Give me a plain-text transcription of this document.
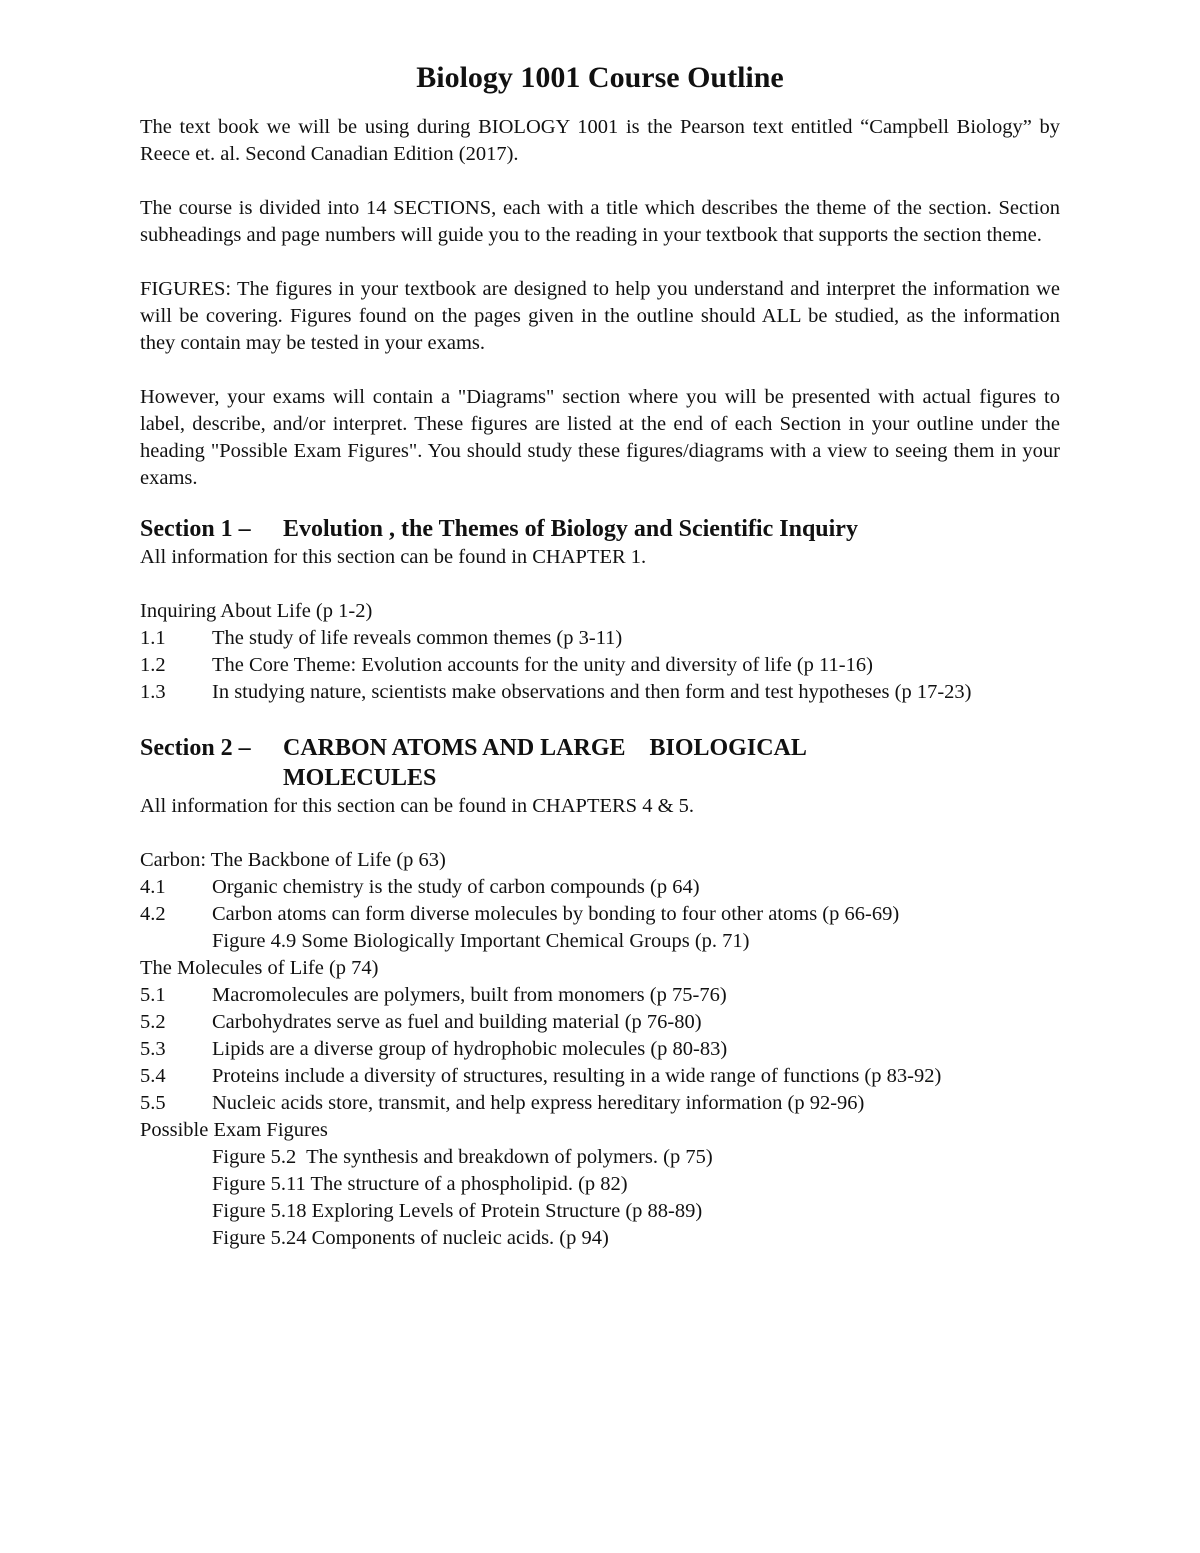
Biology 1001 Course Outline

The text book we will be using during BIOLOGY 1001 is the Pearson text entitled “Campbell Biology” by Reece et. al. Second Canadian Edition (2017).

The course is divided into 14 SECTIONS, each with a title which describes the theme of the section. Section subheadings and page numbers will guide you to the reading in your textbook that supports the section theme.

FIGURES: The figures in your textbook are designed to help you understand and interpret the information we will be covering. Figures found on the pages given in the outline should ALL be studied, as the information they contain may be tested in your exams.

However, your exams will contain a "Diagrams" section where you will be presented with actual figures to label, describe, and/or interpret. These figures are listed at the end of each Section in your outline under the heading "Possible Exam Figures". You should study these figures/diagrams with a view to seeing them in your exams.

Section 1 –	Evolution , the Themes of Biology and Scientific Inquiry

All information for this section can be found in CHAPTER 1.

Inquiring About Life (p 1-2)

1.1	The study of life reveals common themes (p 3-11)
1.2	The Core Theme: Evolution accounts for the unity and diversity of life (p 11-16)
1.3	In studying nature, scientists make observations and then form and test hypotheses (p 17-23)
Section 2 –	CARBON ATOMS AND LARGE    BIOLOGICAL MOLECULES

All information for this section can be found in CHAPTERS 4 & 5.

Carbon: The Backbone of Life (p 63)

4.1	Organic chemistry is the study of carbon compounds (p 64)
4.2	Carbon atoms can form diverse molecules by bonding to four other atoms (p 66-69)

Figure 4.9 Some Biologically Important Chemical Groups (p. 71)

The Molecules of Life (p 74)

5.1	Macromolecules are polymers, built from monomers (p 75-76)
5.2	Carbohydrates serve as fuel and building material (p 76-80)
5.3	Lipids are a diverse group of hydrophobic molecules (p 80-83)
5.4	Proteins include a diversity of structures, resulting in a wide range of functions (p 83-92)
5.5	Nucleic acids store, transmit, and help express hereditary information (p 92-96)

Possible Exam Figures

Figure 5.2  The synthesis and breakdown of polymers. (p 75)

Figure 5.11 The structure of a phospholipid. (p 82)

Figure 5.18 Exploring Levels of Protein Structure (p 88-89)

Figure 5.24 Components of nucleic acids. (p 94)
